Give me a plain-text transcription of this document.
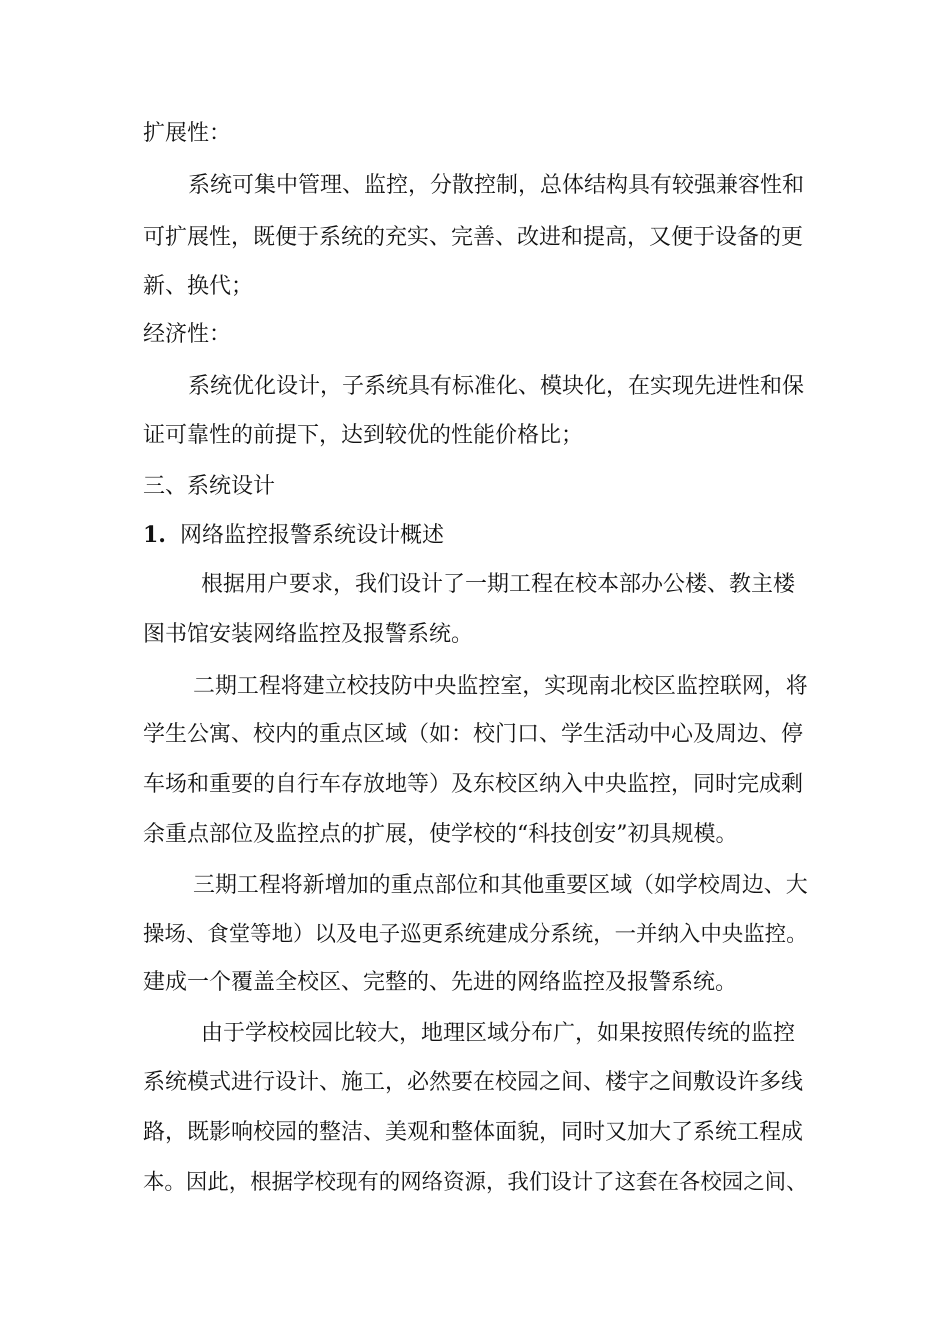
扩展性：
系统可集中管理、监控，分散控制，总体结构具有较强兼容性和
可扩展性，既便于系统的充实、完善、改进和提高，又便于设备的更
新、换代；
经济性：
系统优化设计，子系统具有标准化、模块化，在实现先进性和保
证可靠性的前提下，达到较优的性能价格比；
三、系统设计
1. 网络监控报警系统设计概述
根据用户要求，我们设计了一期工程在校本部办公楼、教主楼
图书馆安装网络监控及报警系统。
二期工程将建立校技防中央监控室，实现南北校区监控联网，将
学生公寓、校内的重点区域（如：校门口、学生活动中心及周边、停
车场和重要的自行车存放地等）及东校区纳入中央监控，同时完成剩
余重点部位及监控点的扩展，使学校的“科技创安”初具规模。
三期工程将新增加的重点部位和其他重要区域（如学校周边、大
操场、食堂等地）以及电子巡更系统建成分系统，一并纳入中央监控。
建成一个覆盖全校区、完整的、先进的网络监控及报警系统。
由于学校校园比较大，地理区域分布广，如果按照传统的监控
系统模式进行设计、施工，必然要在校园之间、楼宇之间敷设许多线
路，既影响校园的整洁、美观和整体面貌，同时又加大了系统工程成
本。因此，根据学校现有的网络资源，我们设计了这套在各校园之间、
